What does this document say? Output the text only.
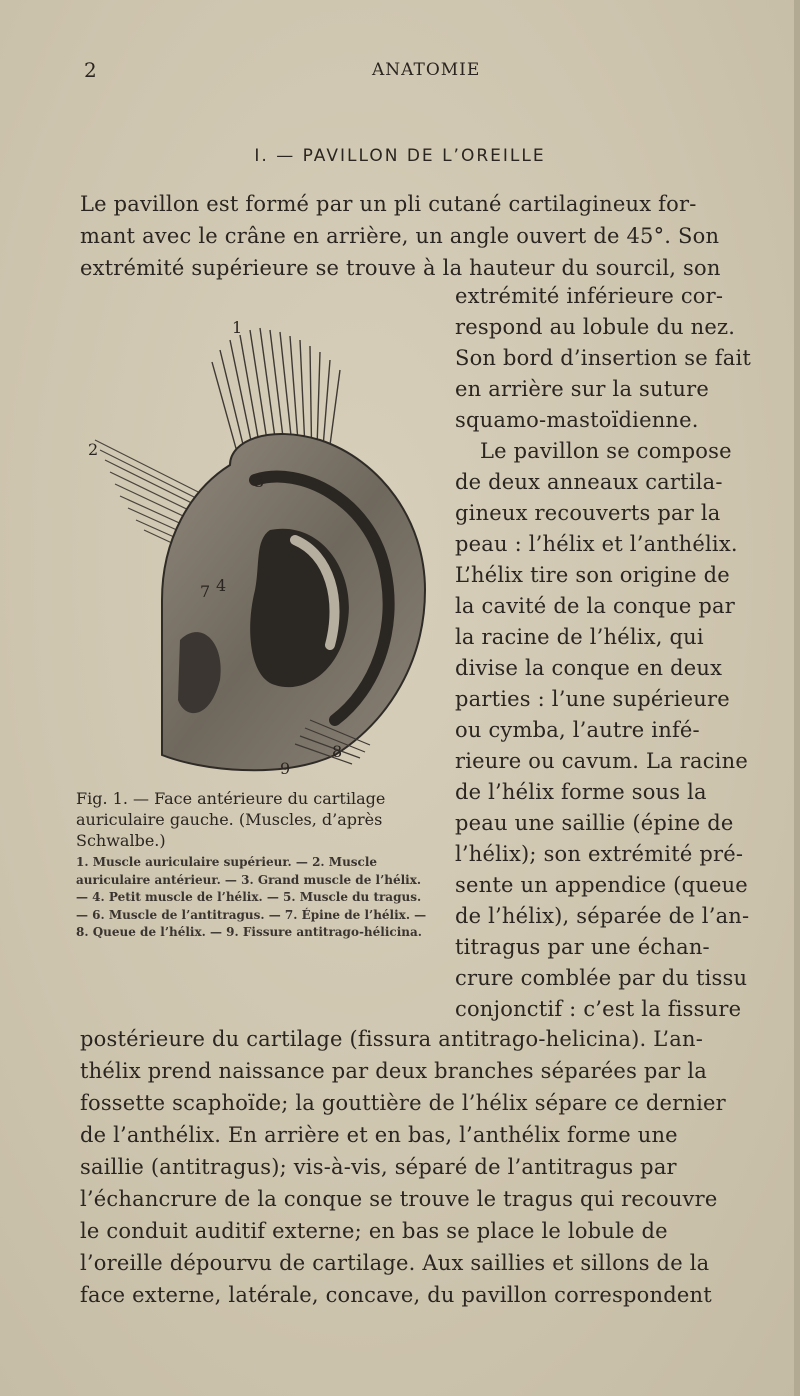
2	ANATOMIE
I. — PAVILLON DE L’OREILLE
Le pavillon est formé par un pli cutané cartilagineux for-
mant avec le crâne en arrière, un angle ouvert de 45°. Son
extrémité supérieure se trouve à la hauteur du sourcil, son
extrémité inférieure cor-
respond au lobule du nez.
Son bord d’insertion se fait
en arrière sur la suture
squamo-mastoïdienne.
Le pavillon se compose
de deux anneaux cartila-
gineux recouverts par la
peau : l’hélix et l’anthélix.
L’hélix tire son origine de
la cavité de la conque par
la racine de l’hélix, qui
divise la conque en deux
parties : l’une supérieure
ou cymba, l’autre infé-
rieure ou cavum. La racine
de l’hélix forme sous la
peau une saillie (épine de
l’hélix); son extrémité pré-
sente un appendice (queue
de l’hélix), séparée de l’an-
titragus par une échan-
crure comblée par du tissu
conjonctif : c’est la fissure
postérieure du cartilage (fissura antitrago-helicina). L’an-
thélix prend naissance par deux branches séparées par la
fossette scaphoïde; la gouttière de l’hélix sépare ce dernier
de l’anthélix. En arrière et en bas, l’anthélix forme une
saillie (antitragus); vis-à-vis, séparé de l’antitragus par
l’échancrure de la conque se trouve le tragus qui recouvre
le conduit auditif externe; en bas se place le lobule de
l’oreille dépourvu de cartilage. Aux saillies et sillons de la
face externe, latérale, concave, du pavillon correspondent
1
2
3
4
7
8
9
Fig. 1. — Face antérieure du cartilage auriculaire gauche. (Muscles, d’après Schwalbe.)
1. Muscle auriculaire supérieur. — 2. Muscle auriculaire antérieur. — 3. Grand muscle de l’hélix. — 4. Petit muscle de l’hélix. — 5. Muscle du tragus. — 6. Muscle de l’antitragus. — 7. Épine de l’hélix. — 8. Queue de l’hélix. — 9. Fissure antitrago-hélicina.
